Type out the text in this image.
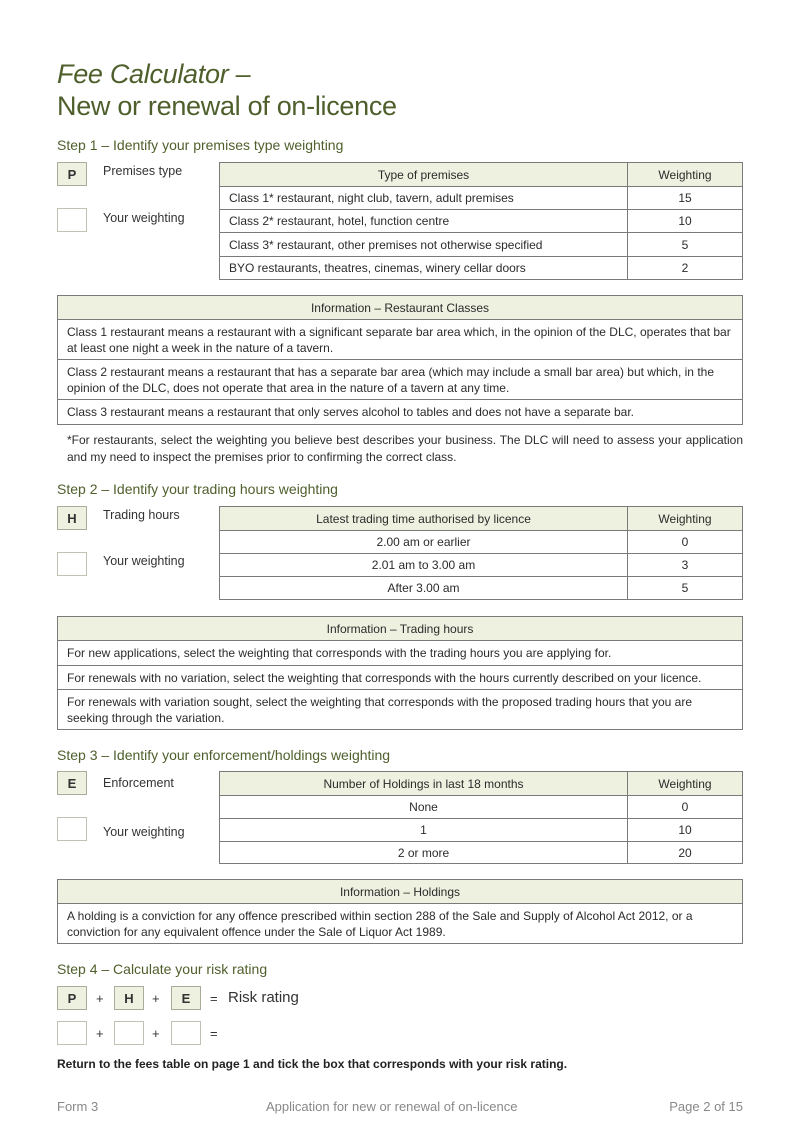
Fee Calculator –
New or renewal of on-licence
Step 1 – Identify your premises type weighting
P	Premises type
Your weighting
Type of premises	Weighting
Class 1* restaurant, night club, tavern, adult premises	15
Class 2* restaurant, hotel, function centre	10
Class 3* restaurant, other premises not otherwise specified	5
BYO restaurants, theatres, cinemas, winery cellar doors	2
Information – Restaurant Classes
Class 1 restaurant means a restaurant with a significant separate bar area which, in the opinion of the DLC, operates that bar at least one night a week in the nature of a tavern.
Class 2 restaurant means a restaurant that has a separate bar area (which may include a small bar area) but which, in the opinion of the DLC, does not operate that area in the nature of a tavern at any time.
Class 3 restaurant means a restaurant that only serves alcohol to tables and does not have a separate bar.
*For restaurants, select the weighting you believe best describes your business. The DLC will need to assess your application and my need to inspect the premises prior to confirming the correct class.
Step 2 – Identify your trading hours weighting
H	Trading hours
Your weighting
Latest trading time authorised by licence	Weighting
2.00 am or earlier	0
2.01 am to 3.00 am	3
After 3.00 am	5
Information – Trading hours
For new applications, select the weighting that corresponds with the trading hours you are applying for.
For renewals with no variation, select the weighting that corresponds with the hours currently described on your licence.
For renewals with variation sought, select the weighting that corresponds with the proposed trading hours that you are seeking through the variation.
Step 3 – Identify your enforcement/holdings weighting
E	Enforcement
Your weighting
Number of Holdings in last 18 months	Weighting
None	0
1	10
2 or more	20
Information – Holdings
A holding is a conviction for any offence prescribed within section 288 of the Sale and Supply of Alcohol Act 2012, or a conviction for any equivalent offence under the Sale of Liquor Act 1989.
Step 4 – Calculate your risk rating
P	+	H	+	E	= Risk rating
+	+	=
Return to the fees table on page 1 and tick the box that corresponds with your risk rating.
Form 3	Application for new or renewal of on-licence	Page 2 of 15
